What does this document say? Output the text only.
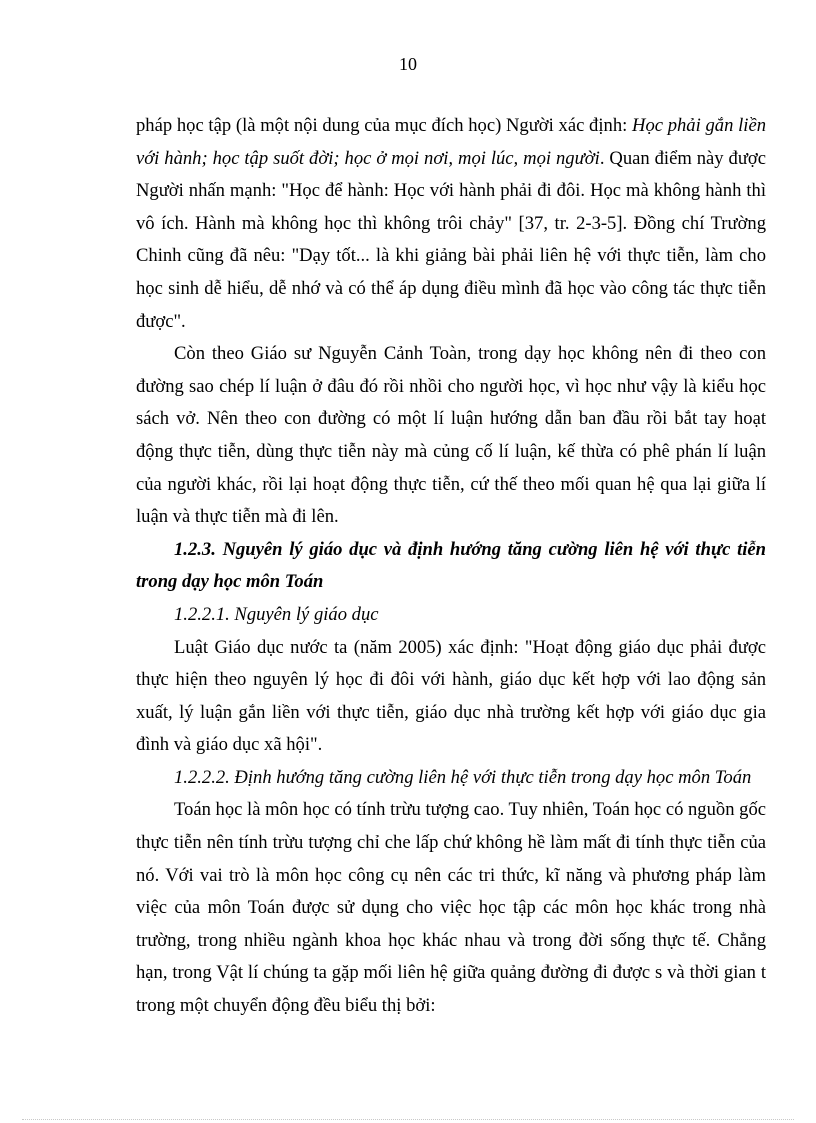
10

pháp học tập (là một nội dung của mục đích học) Người xác định: Học phải gắn liền với hành; học tập suốt đời; học ở mọi nơi, mọi lúc, mọi người. Quan điểm này được Người nhấn mạnh: "Học để hành: Học với hành phải đi đôi. Học mà không hành thì vô ích. Hành mà không học thì không trôi chảy" [37, tr. 2-3-5]. Đồng chí Trường Chinh cũng đã nêu: "Dạy tốt... là khi giảng bài phải liên hệ với thực tiễn, làm cho học sinh dễ hiểu, dễ nhớ và có thể áp dụng điều mình đã học vào công tác thực tiễn được".

Còn theo Giáo sư Nguyễn Cảnh Toàn, trong dạy học không nên đi theo con đường sao chép lí luận ở đâu đó rồi nhồi cho người học, vì học như vậy là kiểu học sách vở. Nên theo con đường có một lí luận hướng dẫn ban đầu rồi bắt tay hoạt động thực tiễn, dùng thực tiễn này mà củng cố lí luận, kế thừa có phê phán lí luận của người khác, rồi lại hoạt động thực tiễn, cứ thế theo mối quan hệ qua lại giữa lí luận và thực tiễn mà đi lên.

1.2.3. Nguyên lý giáo dục và định hướng tăng cường liên hệ với thực tiễn trong dạy học môn Toán

1.2.2.1. Nguyên lý giáo dục

Luật Giáo dục nước ta (năm 2005) xác định: "Hoạt động giáo dục phải được thực hiện theo nguyên lý học đi đôi với hành, giáo dục kết hợp với lao động sản xuất, lý luận gắn liền với thực tiễn, giáo dục nhà trường kết hợp với giáo dục gia đình và giáo dục xã hội".

1.2.2.2. Định hướng tăng cường liên hệ với thực tiễn trong dạy học môn Toán

Toán học là môn học có tính trừu tượng cao. Tuy nhiên, Toán học có nguồn gốc thực tiễn nên tính trừu tượng chỉ che lấp chứ không hề làm mất đi tính thực tiễn của nó. Với vai trò là môn học công cụ nên các tri thức, kĩ năng và phương pháp làm việc của môn Toán được sử dụng cho việc học tập các môn học khác trong nhà trường, trong nhiều ngành khoa học khác nhau và trong đời sống thực tế. Chẳng hạn, trong Vật lí chúng ta gặp mối liên hệ giữa quảng đường đi được s và thời gian t trong một chuyển động đều biểu thị bởi:
